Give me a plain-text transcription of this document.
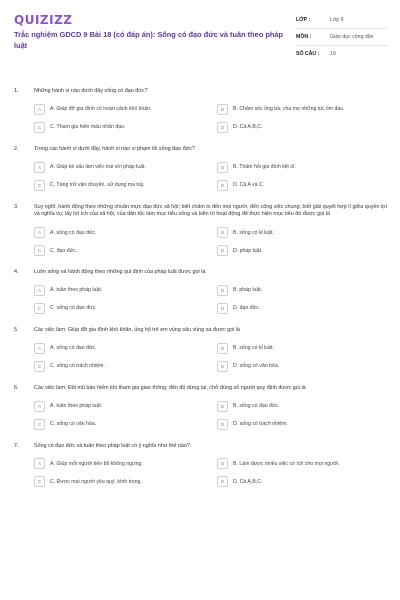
QUIZIZZ
Trắc nghiệm GDCD 9 Bài 18 (có đáp án): Sống có đạo đức và tuân theo pháp luật
LỚP :	Lớp 9
MÔN :	Giáo dục công dân
SỐ CÂU :	10
1.	Những hành vi nào dưới đây sống có đạo đức?
A	A. Giúp đỡ gia đình có hoàn cảnh khó khăn.	B	B. Chăm sóc ông bà, cha mẹ những lúc ốm đau.
C	C. Tham gia hiến máu nhân đạo.	D	D. Cả A,B,C.
2.	Trong các hành vi dưới đây, hành vi nào vi phạm lối sống đạo đức?
A	A. Giúp kẻ xấu làm việc trái với pháp luật.	B	B. Thăm hỏi gia đình liệt sĩ.
C	C. Tàng trữ vận chuyển, sử dụng ma túy.	D	D. Cả A và C.
3.	Suy nghĩ, hành động theo những chuẩn mực đạo đức xã hội; biết chăm lo đến mọi người, đến công việc chung; biết giải quyết hợp lí giữa quyền lợi và nghĩa vụ; lấy lợi ích của xã hội, của dân tộc làm mục tiêu sống và kiên trì hoạt động để thực hiện mục tiêu đó được gọi là
A	A. sống có đạo đức.	B	B. sống có kỉ luật.
C	C. đạo đức.	D	D. pháp luật.
4.	Luôn sống và hành động theo những qui định của pháp luật được gọi là
A	A. tuân theo pháp luật.	B	B. pháp luật.
C	C. sống có đạo đức.	D	D. đạo đức.
5.	Các việc làm: Giúp đỡ gia đình khó khăn, ủng hộ trẻ em vùng sâu vùng xa được gọi là
A	A. sống có đạo đức.	B	B. sống có kỉ luật.
C	C. sống có trách nhiệm.	D	D. sống có văn hóa.
6.	Các việc làm: Đội mũ bảo hiểm khi tham gia giao thông; đến đỏ dừng lại; chở đúng số người quy định được gọi là
A	A. tuân theo pháp luật.	B	B. sống có đạo đức.
C	C. sống có văn hóa.	D	D. sống có trách nhiệm.
7.	Sống có đạo đức và tuân theo pháp luật có ý nghĩa như thế nào?
A	A. Giúp mỗi người tiến bộ không ngừng.	B	B. Làm được nhiều việc có ích cho mọi người.
C	C. Được mọi người yêu quý, kính trọng.	D	D. Cả A,B,C.
